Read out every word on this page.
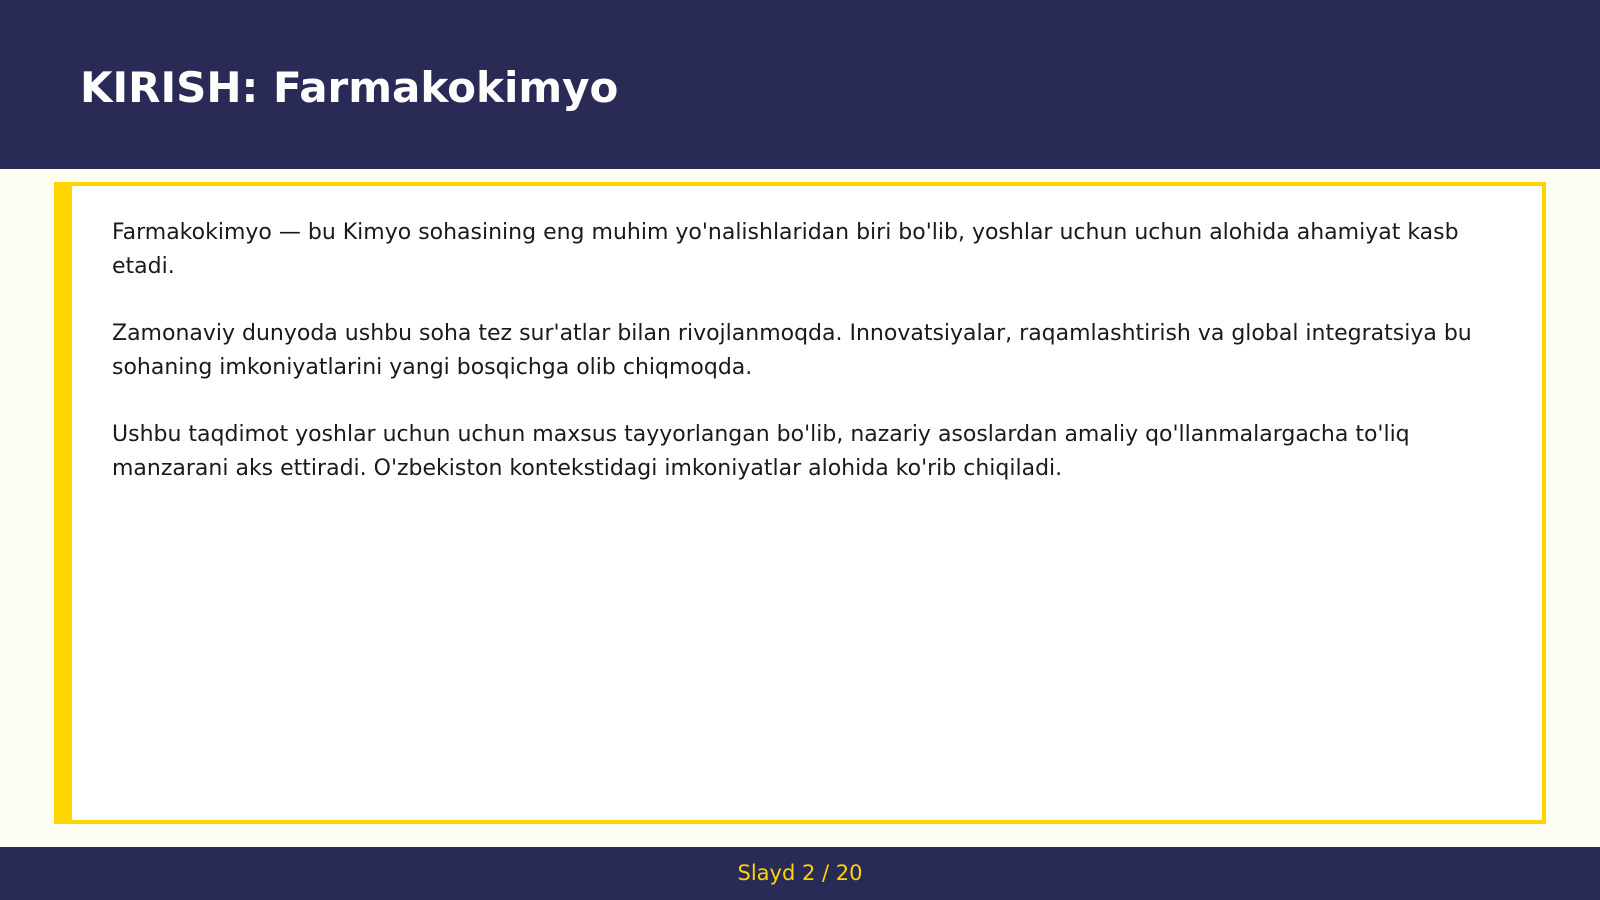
KIRISH: Farmakokimyo

Farmakokimyo — bu Kimyo sohasining eng muhim yo'nalishlaridan biri bo'lib, yoshlar uchun uchun alohida ahamiyat kasb etadi.

Zamonaviy dunyoda ushbu soha tez sur'atlar bilan rivojlanmoqda. Innovatsiyalar, raqamlashtirish va global integratsiya bu sohaning imkoniyatlarini yangi bosqichga olib chiqmoqda.

Ushbu taqdimot yoshlar uchun uchun maxsus tayyorlangan bo'lib, nazariy asoslardan amaliy qo'llanmalargacha to'liq manzarani aks ettiradi. O'zbekiston kontekstidagi imkoniyatlar alohida ko'rib chiqiladi.

Slayd 2 / 20
